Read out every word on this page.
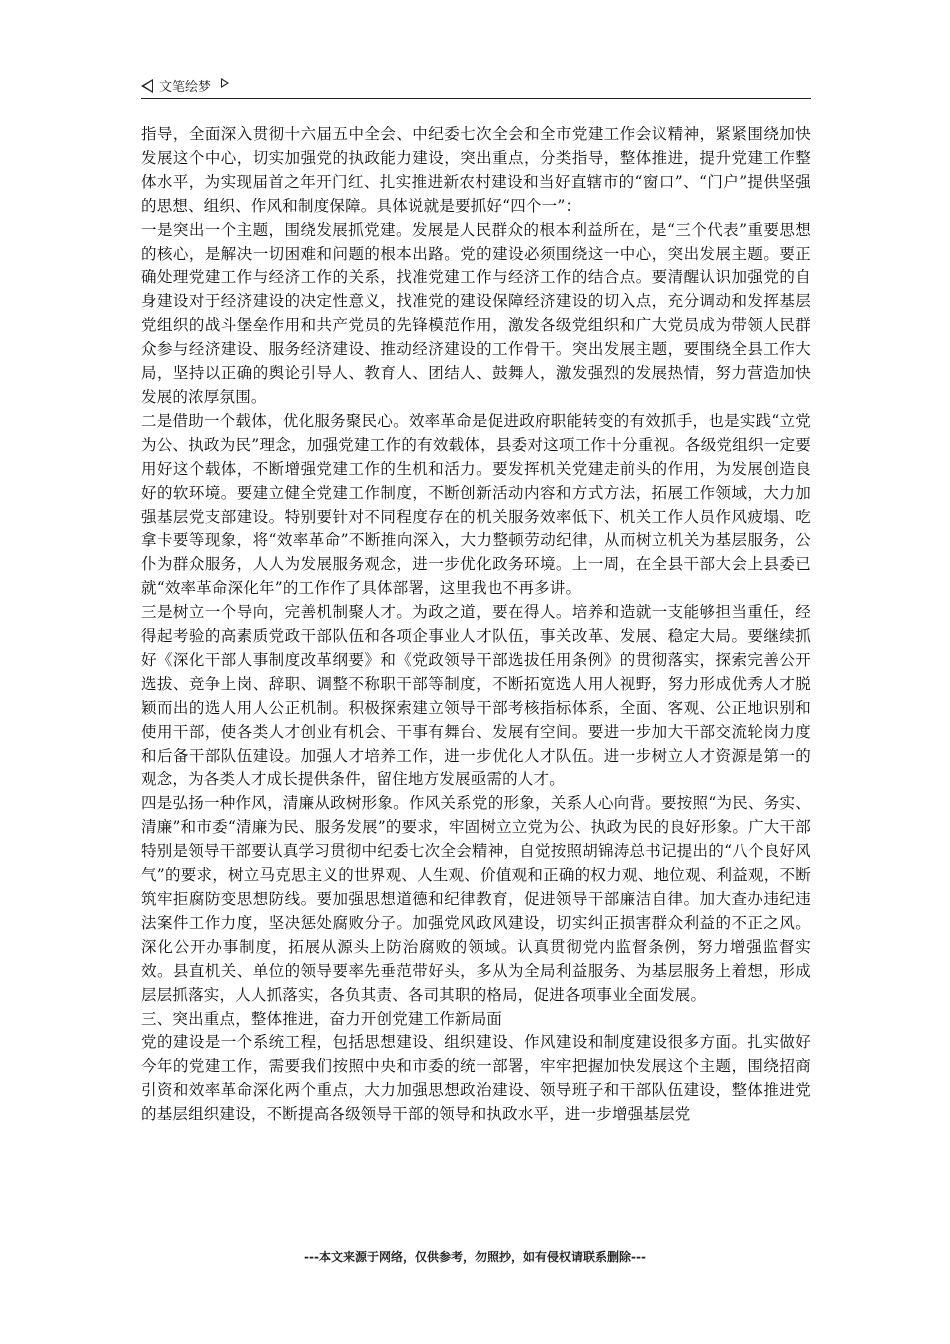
文笔绘梦

指导，全面深入贯彻十六届五中全会、中纪委七次全会和全市党建工作会议精神，紧紧围绕加快发展这个中心，切实加强党的执政能力建设，突出重点，分类指导，整体推进，提升党建工作整体水平，为实现届首之年开门红、扎实推进新农村建设和当好直辖市的“窗口”、“门户”提供坚强的思想、组织、作风和制度保障。具体说就是要抓好“四个一”：

一是突出一个主题，围绕发展抓党建。发展是人民群众的根本利益所在，是“三个代表”重要思想的核心，是解决一切困难和问题的根本出路。党的建设必须围绕这一中心，突出发展主题。要正确处理党建工作与经济工作的关系，找准党建工作与经济工作的结合点。要清醒认识加强党的自身建设对于经济建设的决定性意义，找准党的建设保障经济建设的切入点，充分调动和发挥基层党组织的战斗堡垒作用和共产党员的先锋模范作用，激发各级党组织和广大党员成为带领人民群众参与经济建设、服务经济建设、推动经济建设的工作骨干。突出发展主题，要围绕全县工作大局，坚持以正确的舆论引导人、教育人、团结人、鼓舞人，激发强烈的发展热情，努力营造加快发展的浓厚氛围。

二是借助一个载体，优化服务聚民心。效率革命是促进政府职能转变的有效抓手，也是实践“立党为公、执政为民”理念，加强党建工作的有效载体，县委对这项工作十分重视。各级党组织一定要用好这个载体，不断增强党建工作的生机和活力。要发挥机关党建走前头的作用，为发展创造良好的软环境。要建立健全党建工作制度，不断创新活动内容和方式方法，拓展工作领域，大力加强基层党支部建设。特别要针对不同程度存在的机关服务效率低下、机关工作人员作风疲塌、吃拿卡要等现象，将“效率革命”不断推向深入，大力整顿劳动纪律，从而树立机关为基层服务，公仆为群众服务，人人为发展服务观念，进一步优化政务环境。上一周，在全县干部大会上县委已就“效率革命深化年”的工作作了具体部署，这里我也不再多讲。

三是树立一个导向，完善机制聚人才。为政之道，要在得人。培养和造就一支能够担当重任，经得起考验的高素质党政干部队伍和各项企事业人才队伍，事关改革、发展、稳定大局。要继续抓好《深化干部人事制度改革纲要》和《党政领导干部选拔任用条例》的贯彻落实，探索完善公开选拔、竞争上岗、辞职、调整不称职干部等制度，不断拓宽选人用人视野，努力形成优秀人才脱颖而出的选人用人公正机制。积极探索建立领导干部考核指标体系，全面、客观、公正地识别和使用干部，使各类人才创业有机会、干事有舞台、发展有空间。要进一步加大干部交流轮岗力度和后备干部队伍建设。加强人才培养工作，进一步优化人才队伍。进一步树立人才资源是第一的观念，为各类人才成长提供条件，留住地方发展亟需的人才。

四是弘扬一种作风，清廉从政树形象。作风关系党的形象，关系人心向背。要按照“为民、务实、清廉”和市委“清廉为民、服务发展”的要求，牢固树立立党为公、执政为民的良好形象。广大干部特别是领导干部要认真学习贯彻中纪委七次全会精神，自觉按照胡锦涛总书记提出的“八个良好风气”的要求，树立马克思主义的世界观、人生观、价值观和正确的权力观、地位观、利益观，不断筑牢拒腐防变思想防线。要加强思想道德和纪律教育，促进领导干部廉洁自律。加大查办违纪违法案件工作力度，坚决惩处腐败分子。加强党风政风建设，切实纠正损害群众利益的不正之风。深化公开办事制度，拓展从源头上防治腐败的领域。认真贯彻党内监督条例，努力增强监督实效。县直机关、单位的领导要率先垂范带好头，多从为全局利益服务、为基层服务上着想，形成层层抓落实，人人抓落实，各负其责、各司其职的格局，促进各项事业全面发展。

三、突出重点，整体推进，奋力开创党建工作新局面

党的建设是一个系统工程，包括思想建设、组织建设、作风建设和制度建设很多方面。扎实做好今年的党建工作，需要我们按照中央和市委的统一部署，牢牢把握加快发展这个主题，围绕招商引资和效率革命深化两个重点，大力加强思想政治建设、领导班子和干部队伍建设，整体推进党的基层组织建设，不断提高各级领导干部的领导和执政水平，进一步增强基层党

---本文来源于网络，仅供参考，勿照抄，如有侵权请联系删除---
